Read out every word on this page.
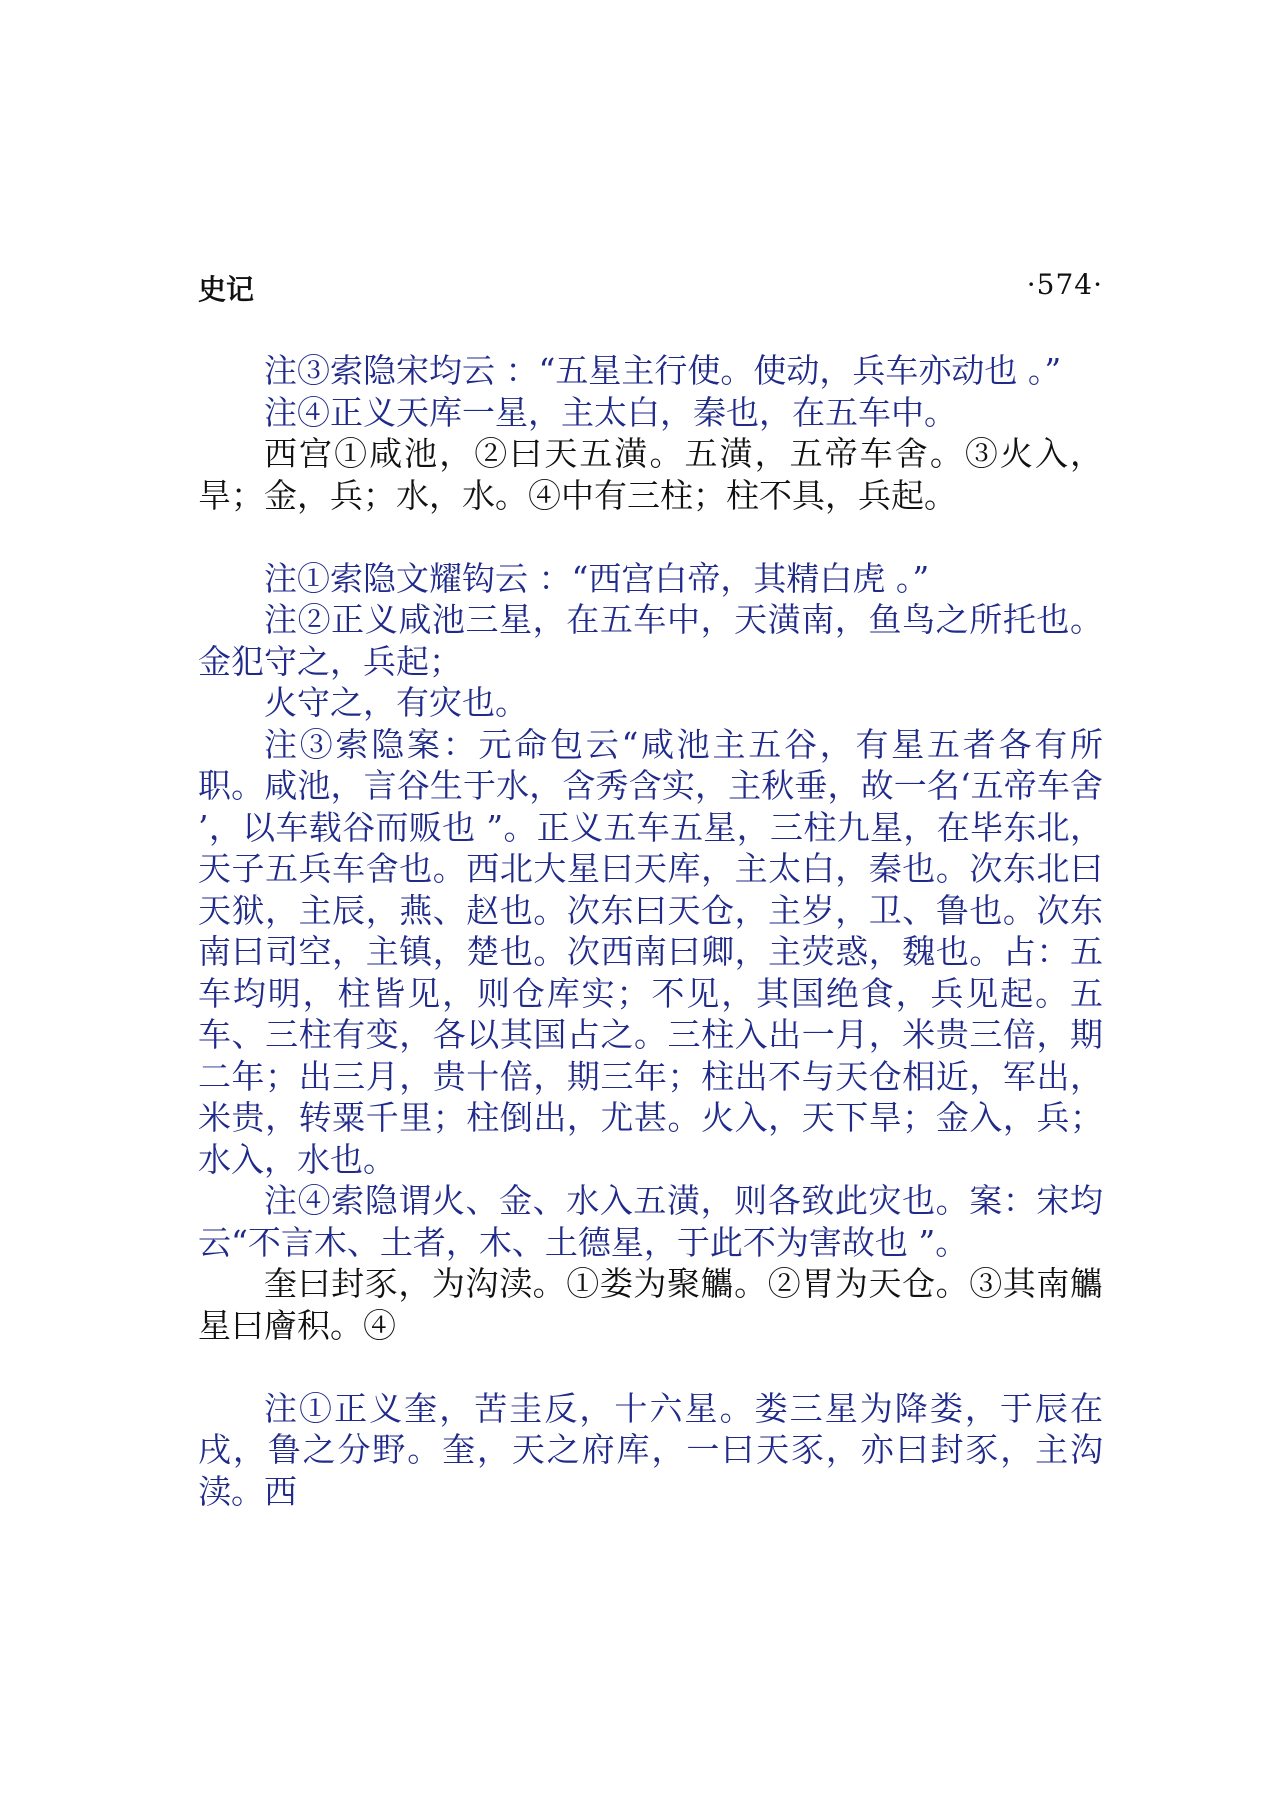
史记	·574·

注③索隐宋均云 ：“五星主行使。使动，兵车亦动也 。”

注④正义天库一星，主太白，秦也，在五车中。

西宫①咸池，②曰天五潢。五潢，五帝车舍。③火入，旱；金，兵；水，水。④中有三柱；柱不具，兵起。

注①索隐文耀钩云 ：“西宫白帝，其精白虎 。”

注②正义咸池三星，在五车中，天潢南，鱼鸟之所托也。金犯守之，兵起；

火守之，有灾也。

注③索隐案：元命包云“咸池主五谷，有星五者各有所职。咸池，言谷生于水，含秀含实，主秋垂，故一名‘五帝车舍 ’，以车载谷而贩也 ”。正义五车五星，三柱九星，在毕东北，天子五兵车舍也。西北大星曰天库，主太白，秦也。次东北曰天狱，主辰，燕、赵也。次东曰天仓，主岁，卫、鲁也。次东南曰司空，主镇，楚也。次西南曰卿，主荧惑，魏也。占：五车均明，柱皆见，则仓库实；不见，其国绝食，兵见起。五车、三柱有变，各以其国占之。三柱入出一月，米贵三倍，期二年；出三月，贵十倍，期三年；柱出不与天仓相近，军出，米贵，转粟千里；柱倒出，尤甚。火入，天下旱；金入，兵；水入，水也。

注④索隐谓火、金、水入五潢，则各致此灾也。案：宋均云“不言木、土者，木、土德星，于此不为害故也 ”。

奎曰封豕，为沟渎。①娄为聚觿。②胃为天仓。③其南觿星曰廥积。④

注①正义奎，苦圭反，十六星。娄三星为降娄，于辰在戌，鲁之分野。奎，天之府库，一曰天豕，亦曰封豕，主沟渎。西
